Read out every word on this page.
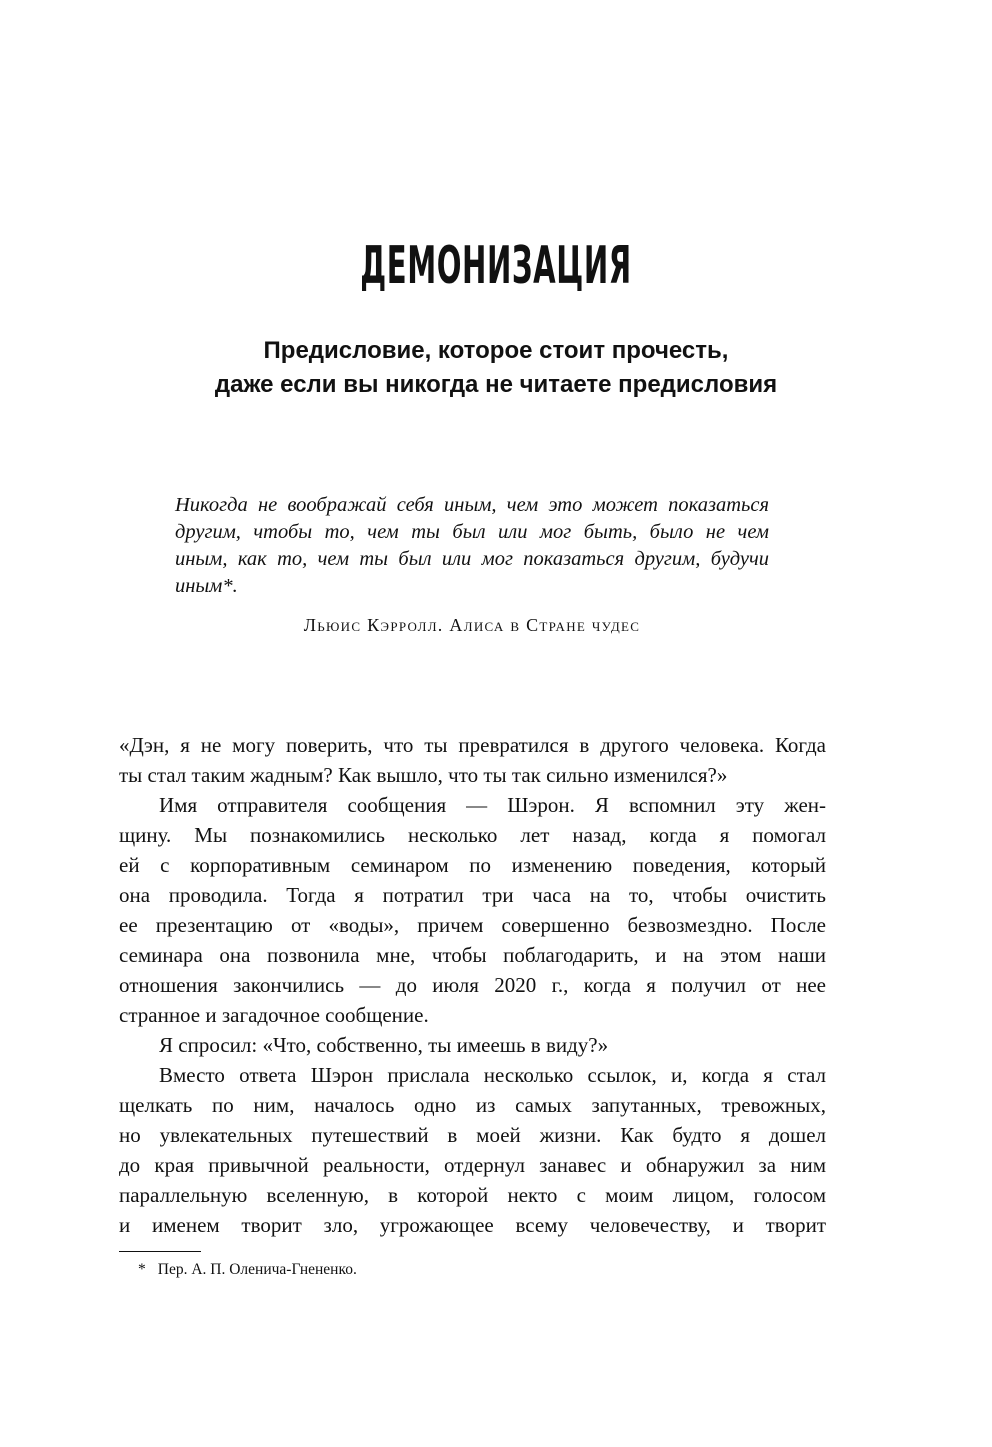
ДЕМОНИЗАЦИЯ

Предисловие, которое стоит прочесть,

даже если вы никогда не читаете предисловия

Никогда не воображай себя иным, чем это может показаться

другим, чтобы то, чем ты был или мог быть, было не чем

иным, как то, чем ты был или мог показаться другим, будучи

иным*.

Льюис Кэрролл. Алиса в Стране чудес

«Дэн, я не могу поверить, что ты превратился в другого человека. Когда

ты стал таким жадным? Как вышло, что ты так сильно изменился?»

Имя отправителя сообщения — Шэрон. Я вспомнил эту жен-

щину. Мы познакомились несколько лет назад, когда я помогал

ей с корпоративным семинаром по изменению поведения, который

она проводила. Тогда я потратил три часа на то, чтобы очистить

ее презентацию от «воды», причем совершенно безвозмездно. После

семинара она позвонила мне, чтобы поблагодарить, и на этом наши

отношения закончились — до июля 2020 г., когда я получил от нее

странное и загадочное сообщение.

Я спросил: «Что, собственно, ты имеешь в виду?»

Вместо ответа Шэрон прислала несколько ссылок, и, когда я стал

щелкать по ним, началось одно из самых запутанных, тревожных,

но увлекательных путешествий в моей жизни. Как будто я дошел

до края привычной реальности, отдернул занавес и обнаружил за ним

параллельную вселенную, в которой некто с моим лицом, голосом

и именем творит зло, угрожающее всему человечеству, и творит

* Пер. А. П. Оленича-Гнененко.
